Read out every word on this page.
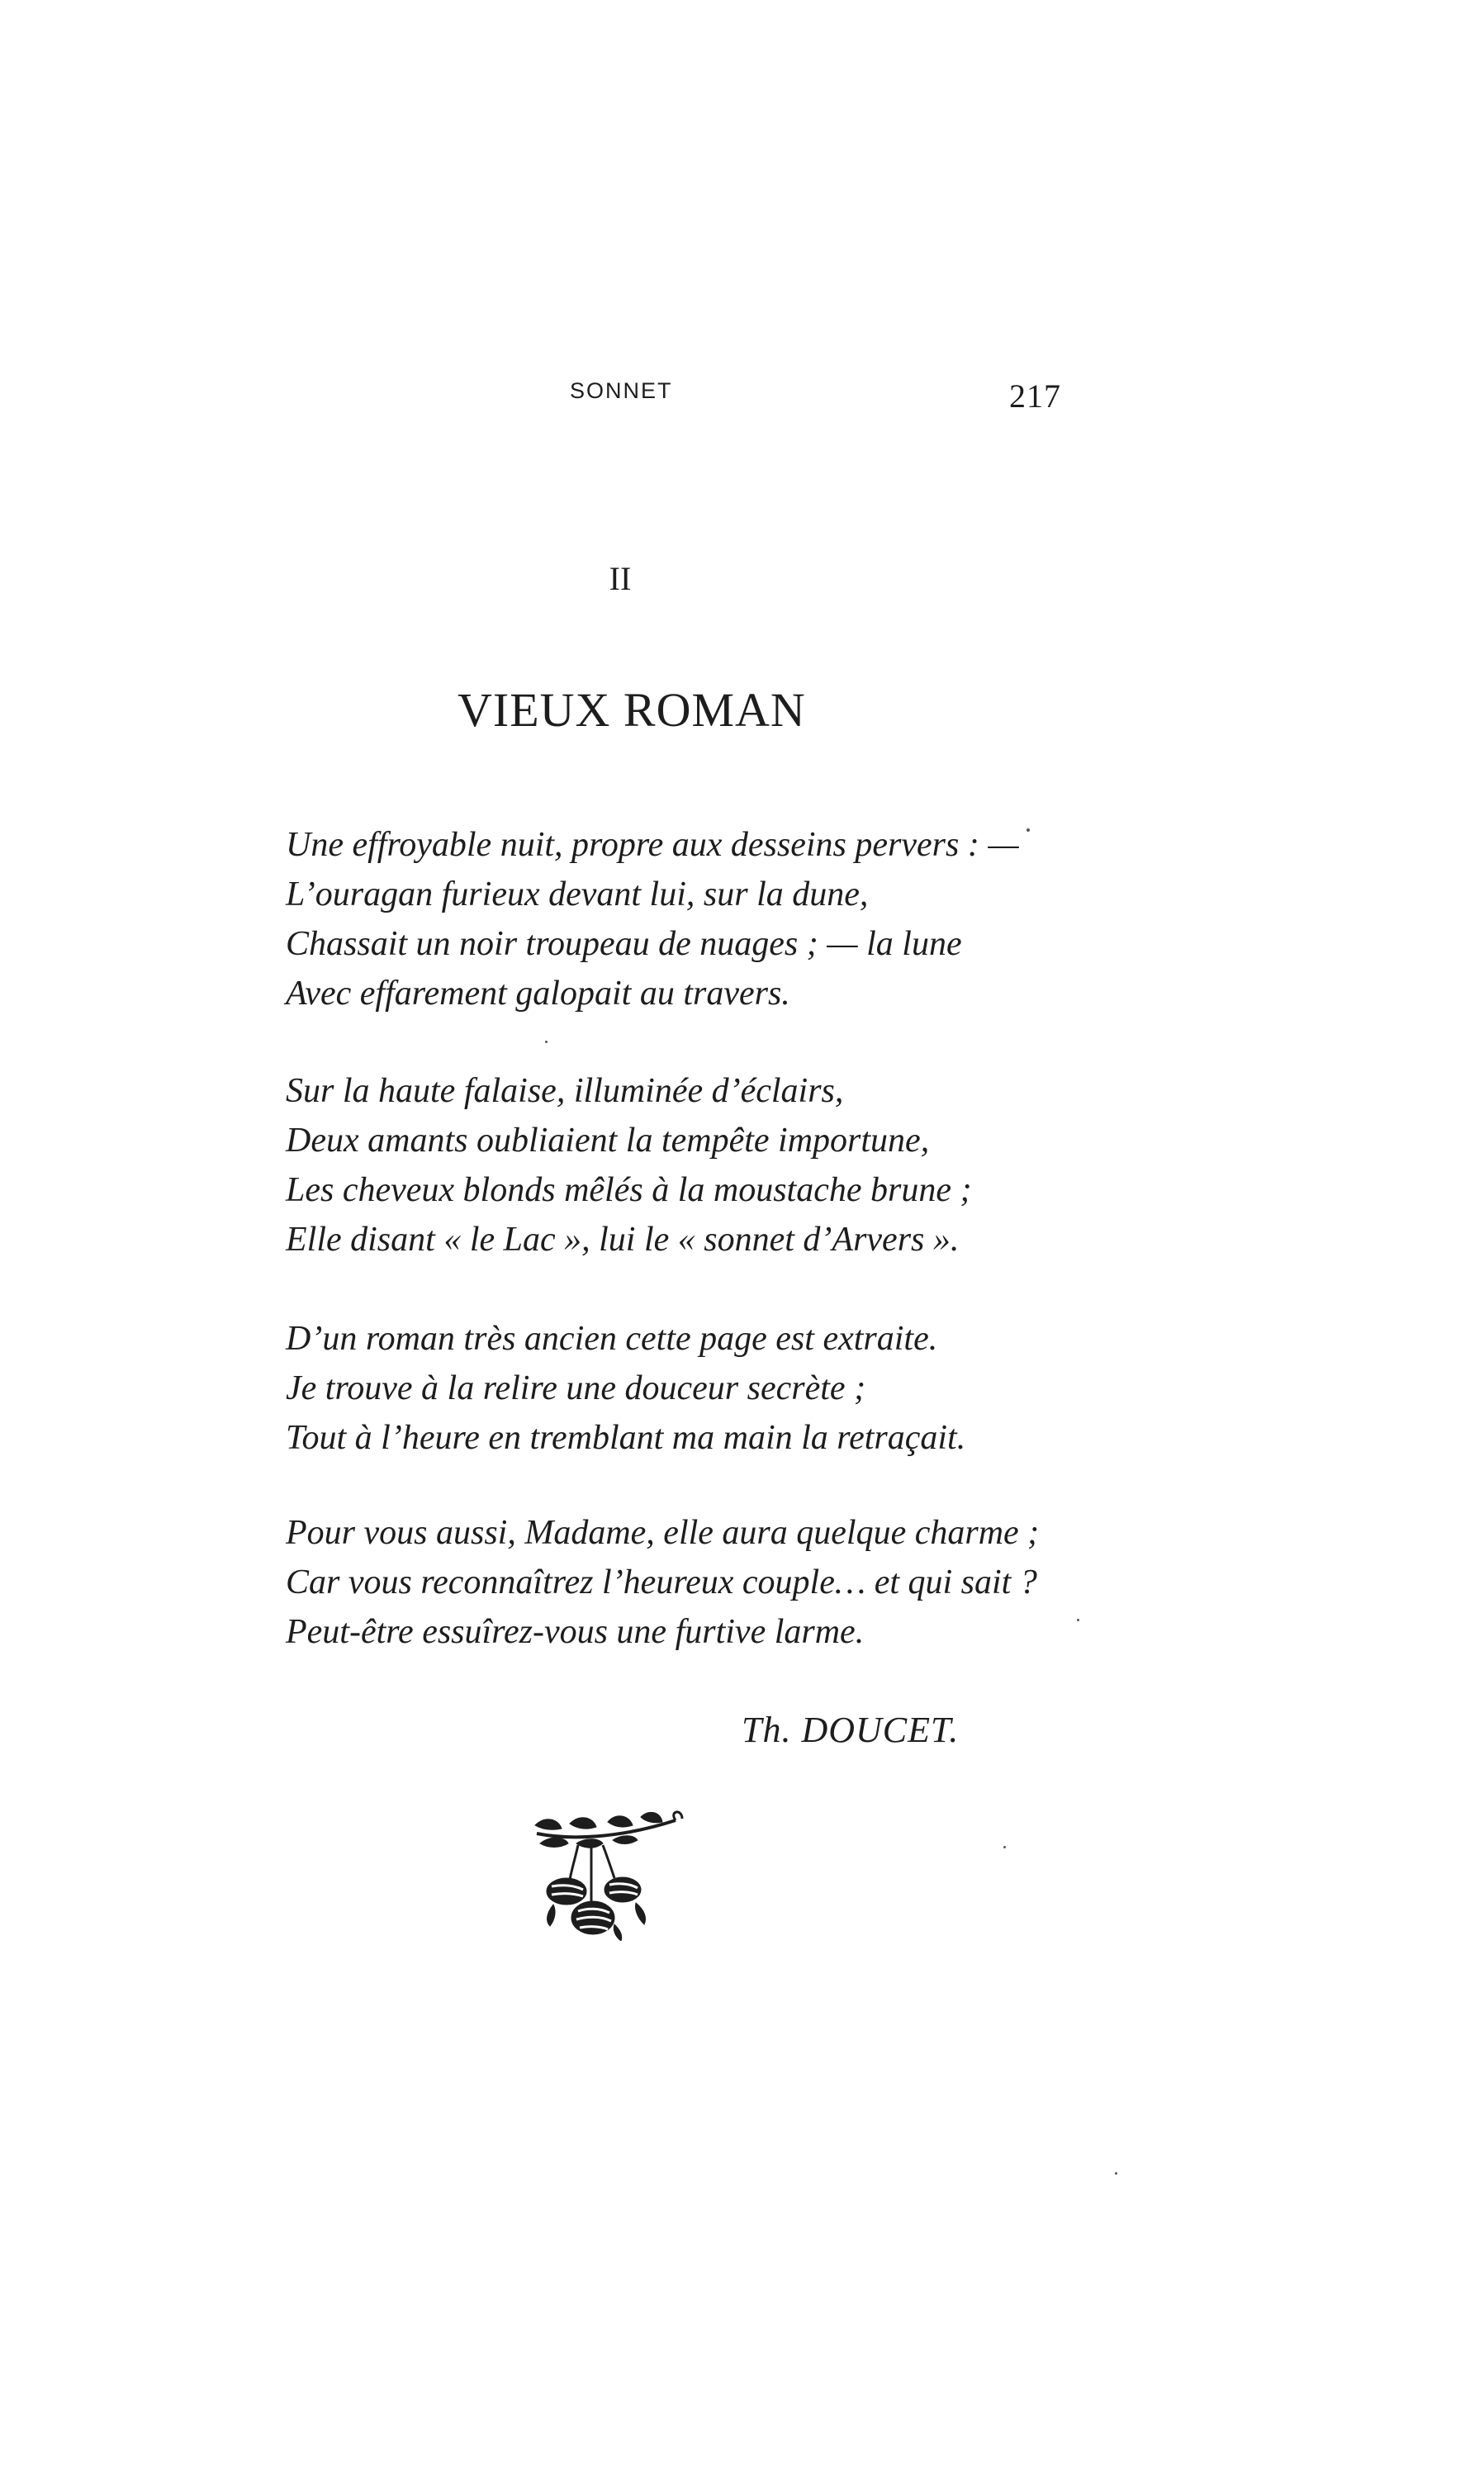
SONNET	217
II
VIEUX ROMAN
Une effroyable nuit, propre aux desseins pervers : —
L’ouragan furieux devant lui, sur la dune,
Chassait un noir troupeau de nuages ; — la lune
Avec effarement galopait au travers.
Sur la haute falaise, illuminée d’éclairs,
Deux amants oubliaient la tempête importune,
Les cheveux blonds mêlés à la moustache brune ;
Elle disant « le Lac », lui le « sonnet d’Arvers ».
D’un roman très ancien cette page est extraite.
Je trouve à la relire une douceur secrète ;
Tout à l’heure en tremblant ma main la retraçait.
Pour vous aussi, Madame, elle aura quelque charme ;
Car vous reconnaîtrez l’heureux couple… et qui sait ?
Peut-être essuîrez-vous une furtive larme.
Th. DOUCET.
